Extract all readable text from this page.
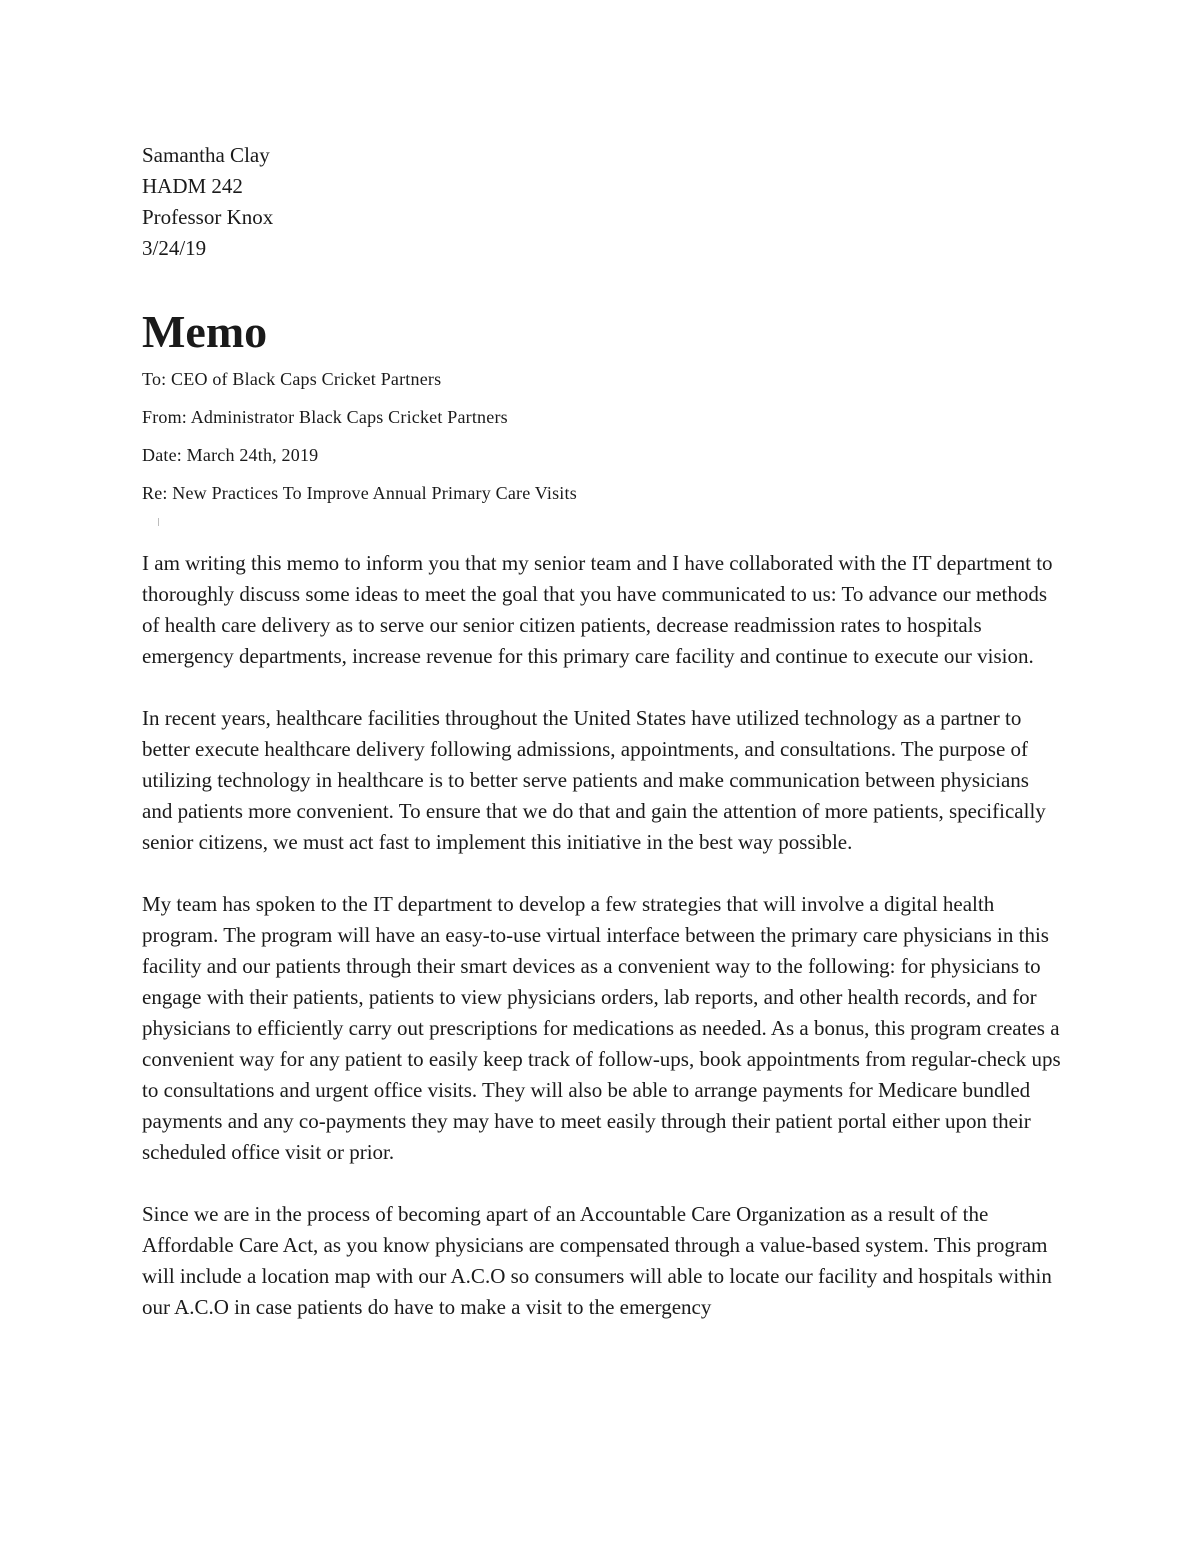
Samantha Clay
HADM 242
Professor Knox
3/24/19
Memo
To: CEO of Black Caps Cricket Partners
From: Administrator Black Caps Cricket Partners
Date: March 24th, 2019
Re: New Practices To Improve Annual Primary Care Visits

I am writing this memo to inform you that my senior team and I have collaborated with the IT department to thoroughly discuss some ideas to meet the goal that you have communicated to us: To advance our methods of health care delivery as to serve our senior citizen patients, decrease readmission rates to hospitals emergency departments, increase revenue for this primary care facility and continue to execute our vision.

In recent years, healthcare facilities throughout the United States have utilized technology as a partner to better execute healthcare delivery following admissions, appointments, and consultations. The purpose of utilizing technology in healthcare is to better serve patients and make communication between physicians and patients more convenient. To ensure that we do that and gain the attention of more patients, specifically senior citizens, we must act fast to implement this initiative in the best way possible.

My team has spoken to the IT department to develop a few strategies that will involve a digital health program. The program will have an easy-to-use virtual interface between the primary care physicians in this facility and our patients through their smart devices as a convenient way to the following: for physicians to engage with their patients, patients to view physicians orders, lab reports, and other health records, and for physicians to efficiently carry out prescriptions for medications as needed. As a bonus, this program creates a convenient way for any patient to easily keep track of follow-ups, book appointments from regular-check ups to consultations and urgent office visits. They will also be able to arrange payments for Medicare bundled payments and any co-payments they may have to meet easily through their patient portal either upon their scheduled office visit or prior.

Since we are in the process of becoming apart of an Accountable Care Organization as a result of the Affordable Care Act, as you know physicians are compensated through a value-based system. This program will include a location map with our A.C.O so consumers will able to locate our facility and hospitals within our A.C.O in case patients do have to make a visit to the emergency
